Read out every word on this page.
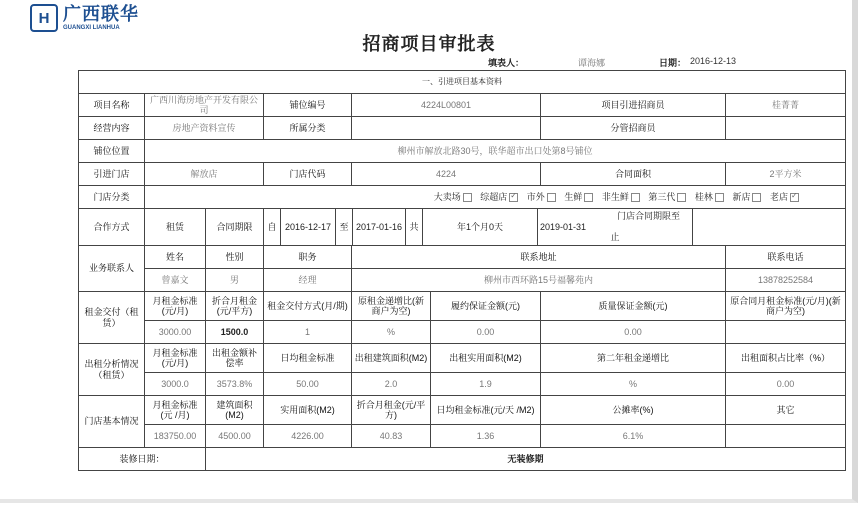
H 广西联华
GUANGXI LIANHUA
招商项目审批表
填表人：	谭海娜	日期： 2016-12-13
一、引进项目基本资料
项目名称	广西川海房地产开发有限公司	铺位编号	4224L00801	项目引进招商员	桂菁菁
经营内容	房地产资料宣传	所属分类		分管招商员	
铺位位置	柳州市解放北路30号，联华超市出口处第8号铺位
引进门店	解放店	门店代码	4224	合同面积	2平方米
门店分类	大卖场 综超店✓ 市外 生鲜 非生鲜 第三代 桂林 新店 老店✓
合作方式	租赁	合同期限	自	2016-12-17	至	2017-01-16	共	年1个月0天	
门店合同期限至
2019-01-31
止

业务联系人	姓名	性别	职务	联系地址	联系电话
曾嘉文	男	经理	柳州市西环路15号福馨苑内	13878252584
租金交付（租赁）	月租金标准(元/月)	折合月租金(元/平方)	租金交付方式(月/期)	原租金递增比(新商户为空)	履约保证金额(元)	质量保证金额(元)	原合同月租金标准(元/月)(新商户为空)
3000.00	1500.0	1	%	0.00	0.00	
出租分析情况（租赁）	月租金标准(元/月)	出租金额补偿率	日均租金标准	出租建筑面积(M2)	出租实用面积(M2)	第二年租金递增比	出租面积占比率（%）
3000.0	3573.8%	50.00	2.0	1.9	%	0.00
门店基本情况	月租金标准(元 /月)	建筑面积(M2)	实用面积(M2)	折合月租金(元/平方)	日均租金标准(元/天 /M2)	公摊率(%)	其它
183750.00	4500.00	4226.00	40.83	1.36	6.1%	
装修日期：	无装修期
